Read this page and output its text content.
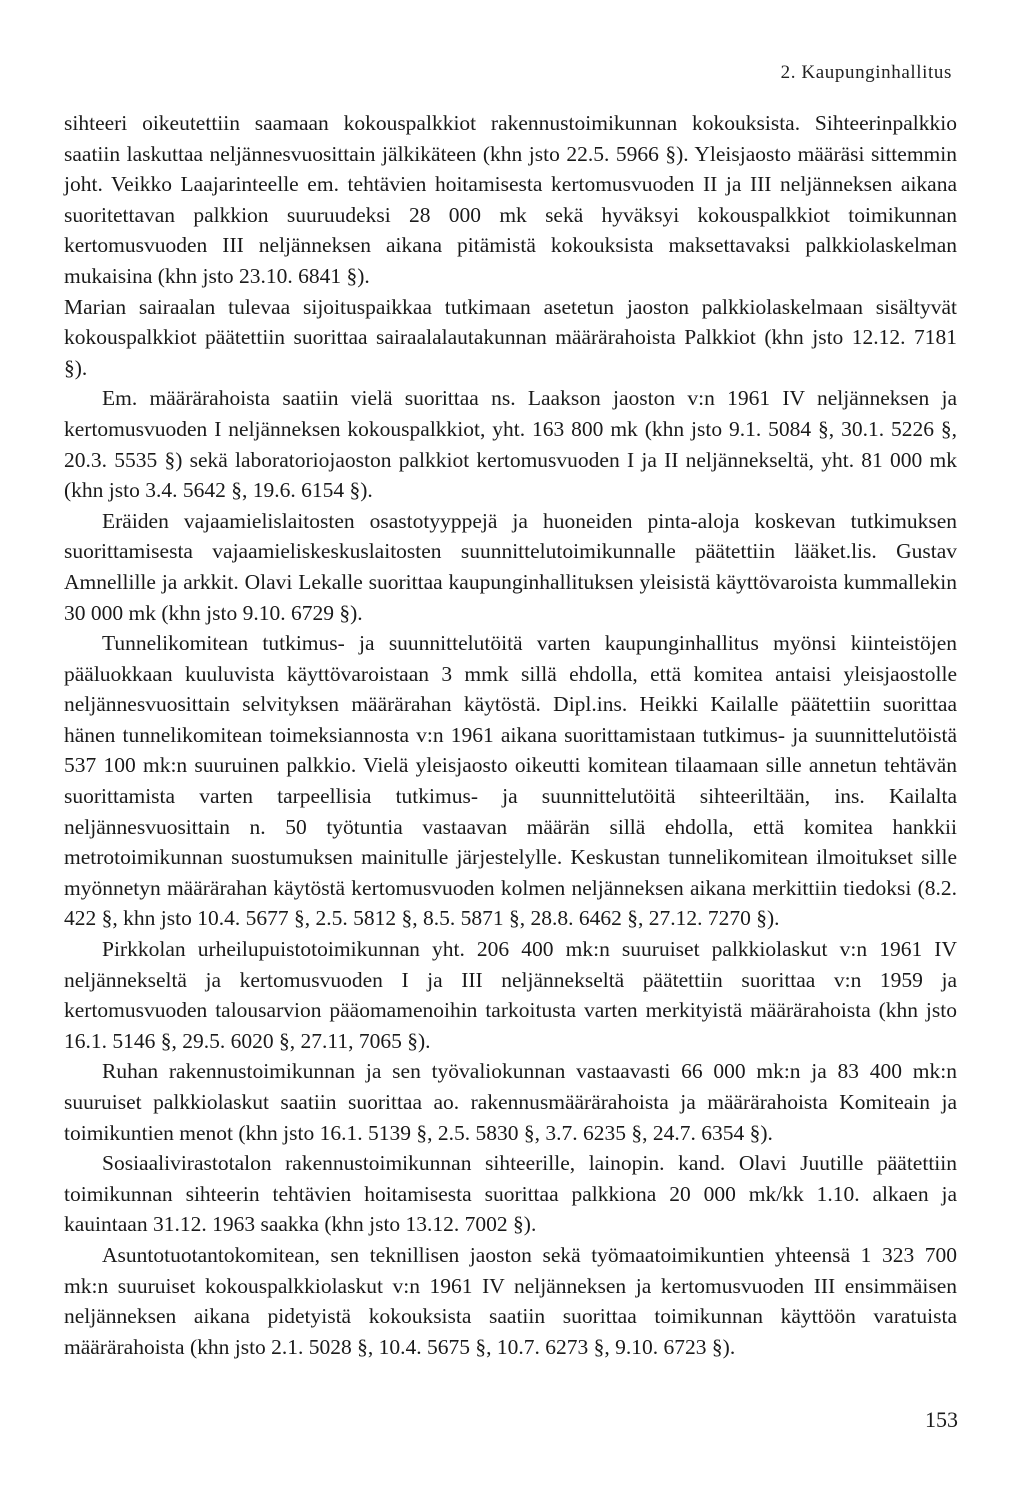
2. Kaupunginhallitus

sihteeri oikeutettiin saamaan kokouspalkkiot rakennustoimikunnan kokouksista. Sihteerinpalkkio saatiin laskuttaa neljännesvuosittain jälkikäteen (khn jsto 22.5. 5966 §). Yleisjaosto määräsi sittemmin joht. Veikko Laajarinteelle em. tehtävien hoitamisesta kertomusvuoden II ja III neljänneksen aikana suoritettavan palkkion suuruudeksi 28 000 mk sekä hyväksyi kokouspalkkiot toimikunnan kertomusvuoden III neljänneksen aikana pitämistä kokouksista maksettavaksi palkkiolaskelman mukaisina (khn jsto 23.10. 6841 §).

Marian sairaalan tulevaa sijoituspaikkaa tutkimaan asetetun jaoston palkkiolaskelmaan sisältyvät kokouspalkkiot päätettiin suorittaa sairaalalautakunnan määrärahoista Palkkiot (khn jsto 12.12. 7181 §).

Em. määrärahoista saatiin vielä suorittaa ns. Laakson jaoston v:n 1961 IV neljänneksen ja kertomusvuoden I neljänneksen kokouspalkkiot, yht. 163 800 mk (khn jsto 9.1. 5084 §, 30.1. 5226 §, 20.3. 5535 §) sekä laboratoriojaoston palkkiot kertomusvuoden I ja II neljännekseltä, yht. 81 000 mk (khn jsto 3.4. 5642 §, 19.6. 6154 §).

Eräiden vajaamielislaitosten osastotyyppejä ja huoneiden pinta-aloja koskevan tutkimuksen suorittamisesta vajaamieliskeskuslaitosten suunnittelutoimikunnalle päätettiin lääket.lis. Gustav Amnellille ja arkkit. Olavi Lekalle suorittaa kaupunginhallituksen yleisistä käyttövaroista kummallekin 30 000 mk (khn jsto 9.10. 6729 §).

Tunnelikomitean tutkimus- ja suunnittelutöitä varten kaupunginhallitus myönsi kiinteistöjen pääluokkaan kuuluvista käyttövaroistaan 3 mmk sillä ehdolla, että komitea antaisi yleisjaostolle neljännesvuosittain selvityksen määrärahan käytöstä. Dipl.ins. Heikki Kailalle päätettiin suorittaa hänen tunnelikomitean toimeksiannosta v:n 1961 aikana suorittamistaan tutkimus- ja suunnittelutöistä 537 100 mk:n suuruinen palkkio. Vielä yleisjaosto oikeutti komitean tilaamaan sille annetun tehtävän suorittamista varten tarpeellisia tutkimus- ja suunnittelutöitä sihteeriltään, ins. Kailalta neljännesvuosittain n. 50 työtuntia vastaavan määrän sillä ehdolla, että komitea hankkii metrotoimikunnan suostumuksen mainitulle järjestelylle. Keskustan tunnelikomitean ilmoitukset sille myönnetyn määrärahan käytöstä kertomusvuoden kolmen neljänneksen aikana merkittiin tiedoksi (8.2. 422 §, khn jsto 10.4. 5677 §, 2.5. 5812 §, 8.5. 5871 §, 28.8. 6462 §, 27.12. 7270 §).

Pirkkolan urheilupuistotoimikunnan yht. 206 400 mk:n suuruiset palkkiolaskut v:n 1961 IV neljännekseltä ja kertomusvuoden I ja III neljännekseltä päätettiin suorittaa v:n 1959 ja kertomusvuoden talousarvion pääomamenoihin tarkoitusta varten merkityistä määrärahoista (khn jsto 16.1. 5146 §, 29.5. 6020 §, 27.11, 7065 §).

Ruhan rakennustoimikunnan ja sen työvaliokunnan vastaavasti 66 000 mk:n ja 83 400 mk:n suuruiset palkkiolaskut saatiin suorittaa ao. rakennusmäärärahoista ja määrärahoista Komiteain ja toimikuntien menot (khn jsto 16.1. 5139 §, 2.5. 5830 §, 3.7. 6235 §, 24.7. 6354 §).

Sosiaalivirastotalon rakennustoimikunnan sihteerille, lainopin. kand. Olavi Juutille päätettiin toimikunnan sihteerin tehtävien hoitamisesta suorittaa palkkiona 20 000 mk/kk 1.10. alkaen ja kauintaan 31.12. 1963 saakka (khn jsto 13.12. 7002 §).

Asuntotuotantokomitean, sen teknillisen jaoston sekä työmaatoimikuntien yhteensä 1 323 700 mk:n suuruiset kokouspalkkiolaskut v:n 1961 IV neljänneksen ja kertomusvuoden III ensimmäisen neljänneksen aikana pidetyistä kokouksista saatiin suorittaa toimikunnan käyttöön varatuista määrärahoista (khn jsto 2.1. 5028 §, 10.4. 5675 §, 10.7. 6273 §, 9.10. 6723 §).

153
